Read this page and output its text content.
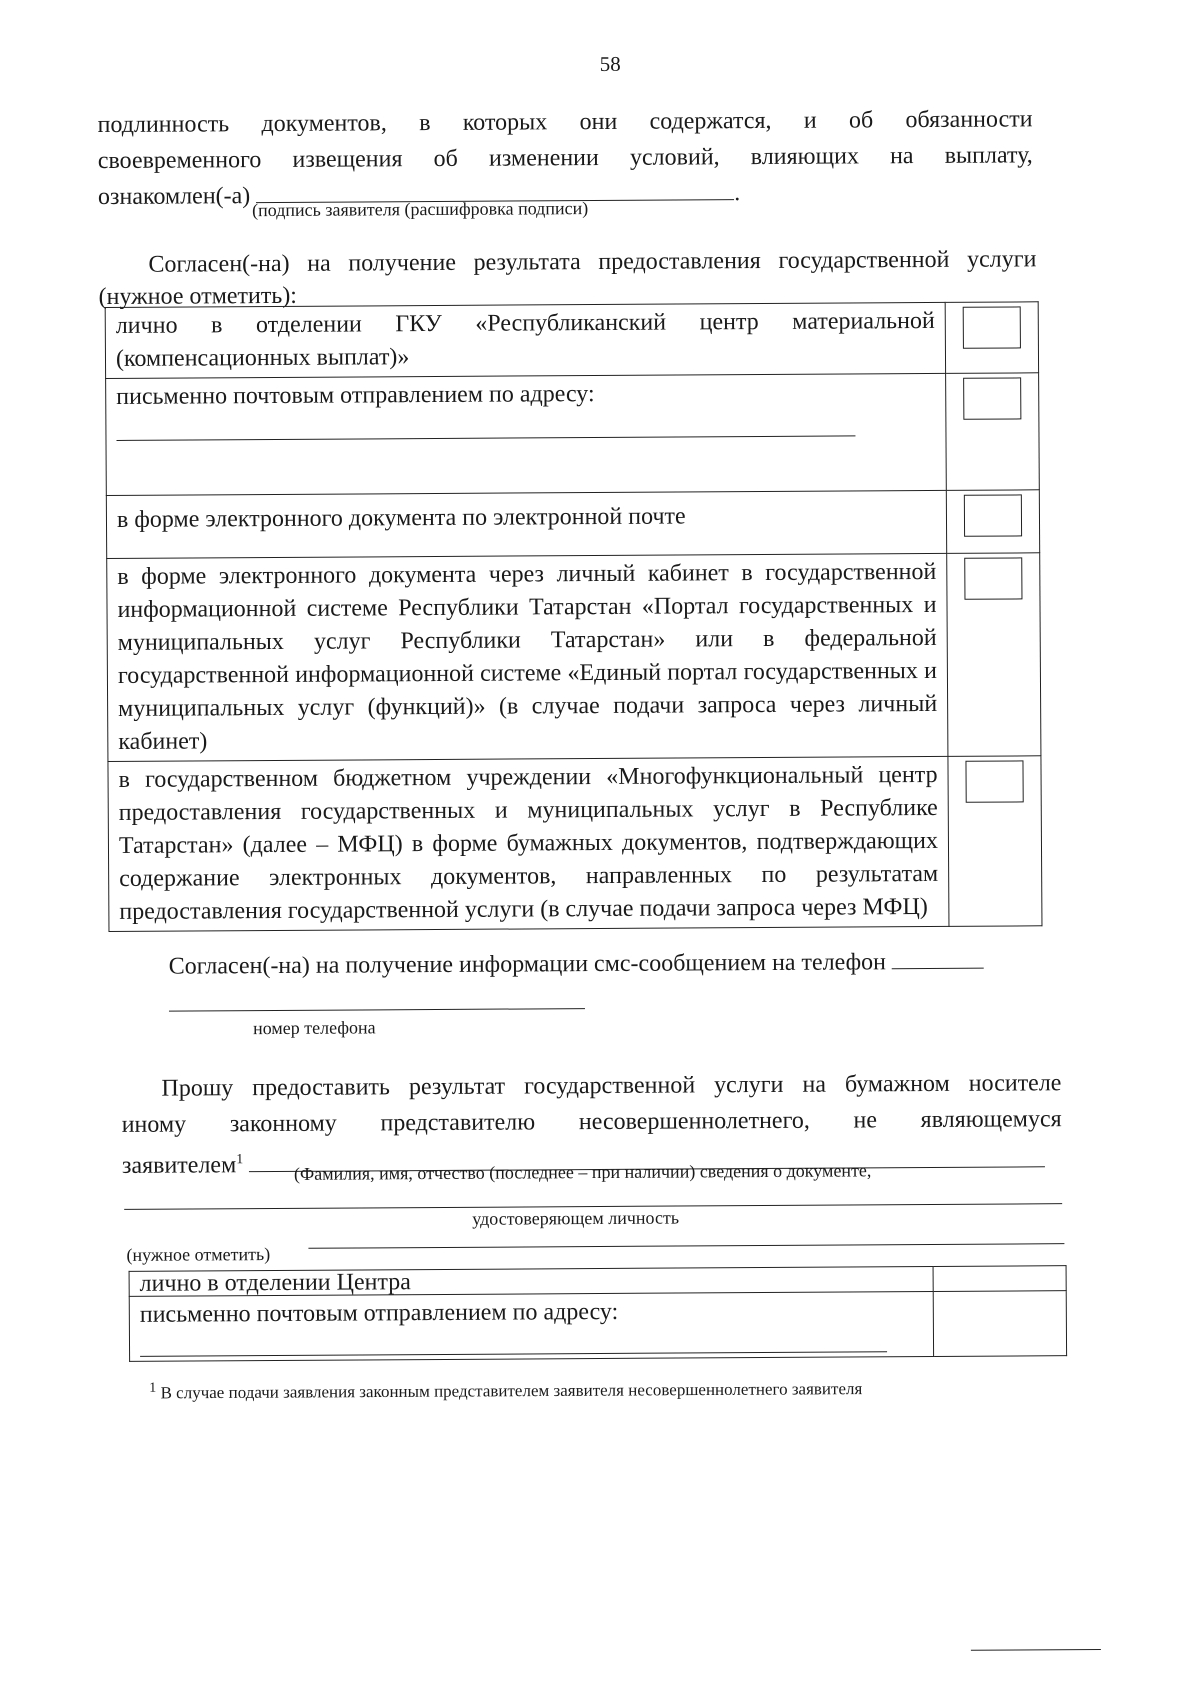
58
подлинность документов, в которых они содержатся, и об обязанности
своевременного извещения об изменении условий, влияющих на выплату,
ознакомлен(-а)	.
(подпись заявителя (расшифровка подписи)
Согласен(-на) на получение результата предоставления государственной услуги
(нужное отметить):
лично в отделении ГКУ «Республиканский центр материальной (компенсационных выплат)»	

письменно почтовым отправлением по адресу:	

в форме электронного документа по электронной почте	

в форме электронного документа через личный кабинет в государственной информационной системе Республики Татарстан «Портал государственных и муниципальных услуг Республики Татарстан» или в федеральной государственной информационной системе «Единый портал государственных и муниципальных услуг (функций)» (в случае подачи запроса через личный кабинет)	

в государственном бюджетном учреждении «Многофункциональный центр предоставления государственных и муниципальных услуг в Республике Татарстан» (далее – МФЦ) в форме бумажных документов, подтверждающих содержание электронных документов, направленных по результатам предоставления государственной услуги (в случае подачи запроса через МФЦ)	
Согласен(-на) на получение информации смс-сообщением на телефон
номер телефона
Прошу предоставить результат государственной услуги на бумажном носителе
иному законному представителю несовершеннолетнего, не являющемуся
заявителем$^1$
(Фамилия, имя, отчество (последнее – при наличии) сведения о документе,
удостоверяющем личность
(нужное отметить)
лично в отделении Центра	

письменно почтовым отправлением по адресу:	

$^1$ В случае подачи заявления законным представителем заявителя несовершеннолетнего заявителя
